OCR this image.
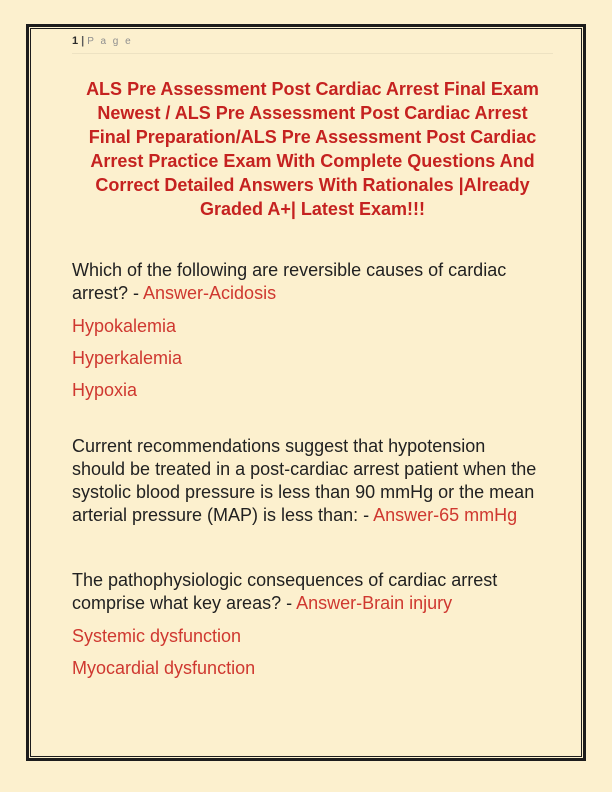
1 | P a g e
ALS Pre Assessment Post Cardiac Arrest Final Exam
Newest / ALS Pre Assessment Post Cardiac Arrest
Final Preparation/ALS Pre Assessment Post Cardiac
Arrest Practice Exam With Complete Questions And
Correct Detailed Answers With Rationales |Already
Graded A+| Latest Exam!!!
Which of the following are reversible causes of cardiac
arrest? - Answer-Acidosis
Hypokalemia
Hyperkalemia
Hypoxia
Current recommendations suggest that hypotension
should be treated in a post-cardiac arrest patient when the
systolic blood pressure is less than 90 mmHg or the mean
arterial pressure (MAP) is less than: - Answer-65 mmHg
The pathophysiologic consequences of cardiac arrest
comprise what key areas? - Answer-Brain injury
Systemic dysfunction
Myocardial dysfunction
